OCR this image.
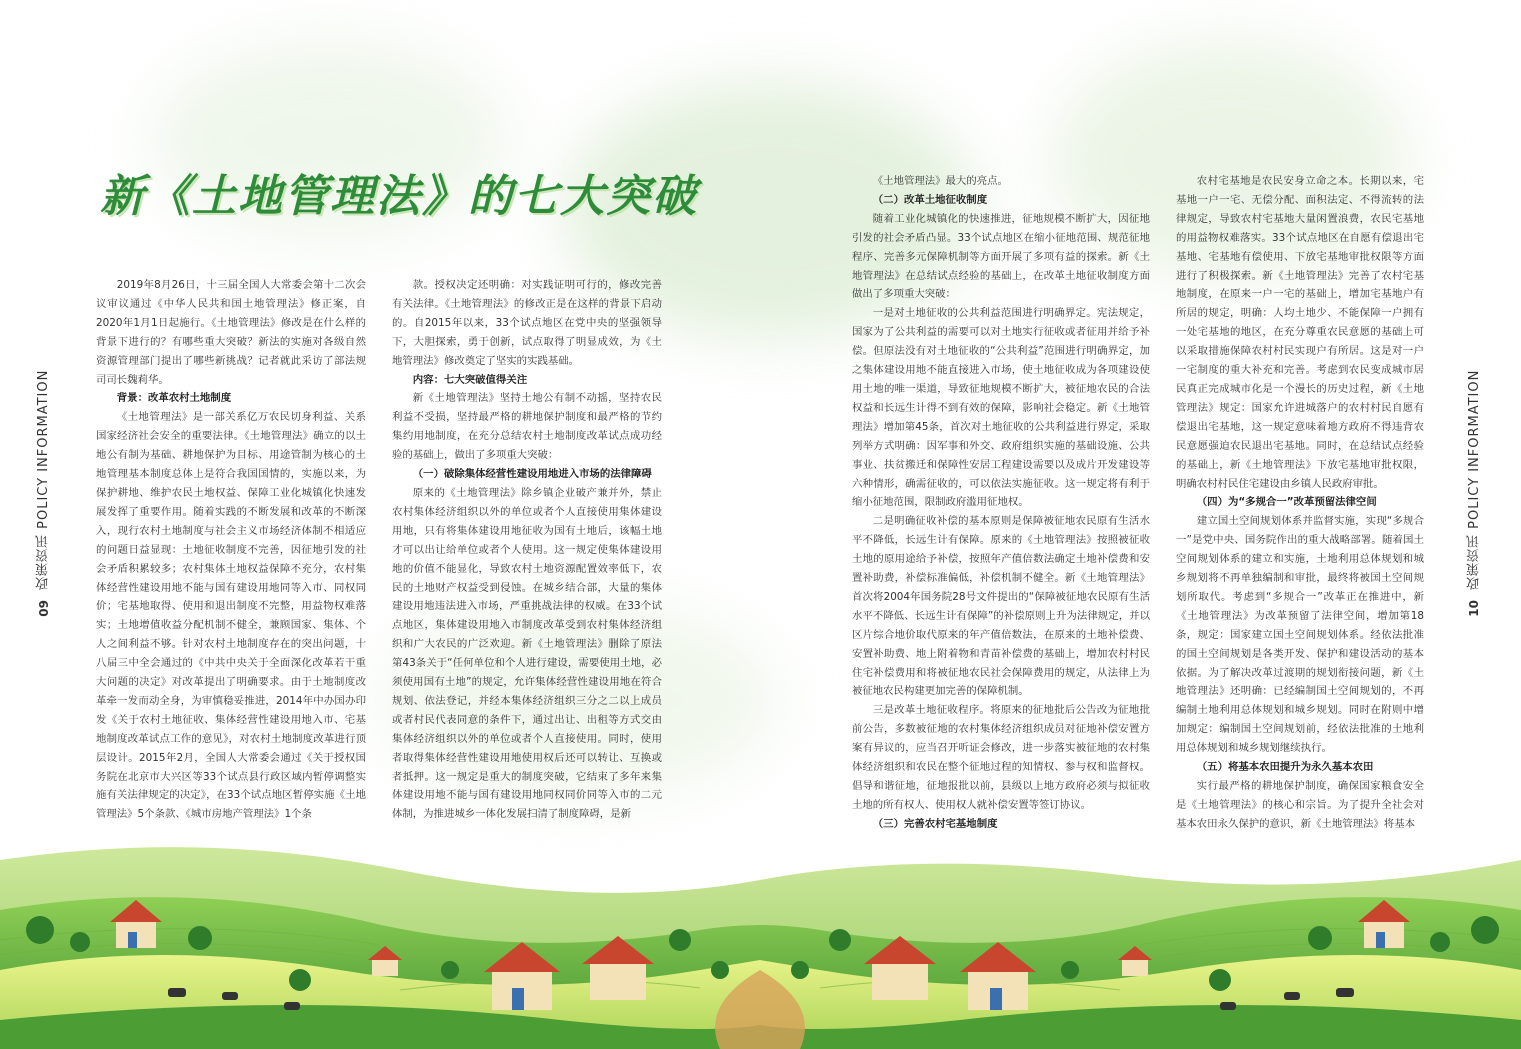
新《土地管理法》的七大突破
政策资讯 POLICY INFORMATION
09
政策资讯 POLICY INFORMATION
10

2019年8月26日，十三届全国人大常委会第十二次会议审议通过《中华人民共和国土地管理法》修正案，自2020年1月1日起施行。《土地管理法》修改是在什么样的背景下进行的？有哪些重大突破？新法的实施对各级自然资源管理部门提出了哪些新挑战？记者就此采访了部法规司司长魏莉华。

背景：改革农村土地制度

《土地管理法》是一部关系亿万农民切身利益、关系国家经济社会安全的重要法律。《土地管理法》确立的以土地公有制为基础、耕地保护为目标、用途管制为核心的土地管理基本制度总体上是符合我国国情的，实施以来，为保护耕地、维护农民土地权益、保障工业化城镇化快速发展发挥了重要作用。随着实践的不断发展和改革的不断深入，现行农村土地制度与社会主义市场经济体制不相适应的问题日益显现：土地征收制度不完善，因征地引发的社会矛盾积累较多；农村集体土地权益保障不充分，农村集体经营性建设用地不能与国有建设用地同等入市、同权同价；宅基地取得、使用和退出制度不完整，用益物权难落实；土地增值收益分配机制不健全，兼顾国家、集体、个人之间利益不够。针对农村土地制度存在的突出问题，十八届三中全会通过的《中共中央关于全面深化改革若干重大问题的决定》对改革提出了明确要求。由于土地制度改革牵一发而动全身，为审慎稳妥推进，2014年中办国办印发《关于农村土地征收、集体经营性建设用地入市、宅基地制度改革试点工作的意见》，对农村土地制度改革进行顶层设计。2015年2月，全国人大常委会通过《关于授权国务院在北京市大兴区等33个试点县行政区域内暂停调整实施有关法律规定的决定》，在33个试点地区暂停实施《土地管理法》5个条款、《城市房地产管理法》1个条

款。授权决定还明确：对实践证明可行的，修改完善有关法律。《土地管理法》的修改正是在这样的背景下启动的。自2015年以来，33个试点地区在党中央的坚强领导下，大胆探索，勇于创新，试点取得了明显成效，为《土地管理法》修改奠定了坚实的实践基础。

内容：七大突破值得关注

新《土地管理法》坚持土地公有制不动摇，坚持农民利益不受损，坚持最严格的耕地保护制度和最严格的节约集约用地制度，在充分总结农村土地制度改革试点成功经验的基础上，做出了多项重大突破：

（一）破除集体经营性建设用地进入市场的法律障碍

原来的《土地管理法》除乡镇企业破产兼并外，禁止农村集体经济组织以外的单位或者个人直接使用集体建设用地，只有将集体建设用地征收为国有土地后，该幅土地才可以出让给单位或者个人使用。这一规定使集体建设用地的价值不能显化，导致农村土地资源配置效率低下，农民的土地财产权益受到侵蚀。在城乡结合部，大量的集体建设用地违法进入市场，严重挑战法律的权威。在33个试点地区，集体建设用地入市制度改革受到农村集体经济组织和广大农民的广泛欢迎。新《土地管理法》删除了原法第43条关于“任何单位和个人进行建设，需要使用土地，必须使用国有土地”的规定，允许集体经营性建设用地在符合规划、依法登记，并经本集体经济组织三分之二以上成员或者村民代表同意的条件下，通过出让、出租等方式交由集体经济组织以外的单位或者个人直接使用。同时，使用者取得集体经营性建设用地使用权后还可以转让、互换或者抵押。这一规定是重大的制度突破，它结束了多年来集体建设用地不能与国有建设用地同权同价同等入市的二元体制，为推进城乡一体化发展扫清了制度障碍，是新

《土地管理法》最大的亮点。

（二）改革土地征收制度

随着工业化城镇化的快速推进，征地规模不断扩大，因征地引发的社会矛盾凸显。33个试点地区在缩小征地范围、规范征地程序、完善多元保障机制等方面开展了多项有益的探索。新《土地管理法》在总结试点经验的基础上，在改革土地征收制度方面做出了多项重大突破：

一是对土地征收的公共利益范围进行明确界定。宪法规定，国家为了公共利益的需要可以对土地实行征收或者征用并给予补偿。但原法没有对土地征收的“公共利益”范围进行明确界定，加之集体建设用地不能直接进入市场，使土地征收成为各项建设使用土地的唯一渠道，导致征地规模不断扩大，被征地农民的合法权益和长远生计得不到有效的保障，影响社会稳定。新《土地管理法》增加第45条，首次对土地征收的公共利益进行界定，采取列举方式明确：因军事和外交、政府组织实施的基础设施、公共事业、扶贫搬迁和保障性安居工程建设需要以及成片开发建设等六种情形，确需征收的，可以依法实施征收。这一规定将有利于缩小征地范围，限制政府滥用征地权。

二是明确征收补偿的基本原则是保障被征地农民原有生活水平不降低，长远生计有保障。原来的《土地管理法》按照被征收土地的原用途给予补偿，按照年产值倍数法确定土地补偿费和安置补助费，补偿标准偏低，补偿机制不健全。新《土地管理法》首次将2004年国务院28号文件提出的“保障被征地农民原有生活水平不降低、长远生计有保障”的补偿原则上升为法律规定，并以区片综合地价取代原来的年产值倍数法，在原来的土地补偿费、安置补助费、地上附着物和青苗补偿费的基础上，增加农村村民住宅补偿费用和将被征地农民社会保障费用的规定，从法律上为被征地农民构建更加完善的保障机制。

三是改革土地征收程序。将原来的征地批后公告改为征地批前公告，多数被征地的农村集体经济组织成员对征地补偿安置方案有异议的，应当召开听证会修改，进一步落实被征地的农村集体经济组织和农民在整个征地过程的知情权、参与权和监督权。倡导和谐征地，征地报批以前，县级以上地方政府必须与拟征收土地的所有权人、使用权人就补偿安置等签订协议。

（三）完善农村宅基地制度

农村宅基地是农民安身立命之本。长期以来，宅基地一户一宅、无偿分配、面积法定、不得流转的法律规定，导致农村宅基地大量闲置浪费，农民宅基地的用益物权难落实。33个试点地区在自愿有偿退出宅基地、宅基地有偿使用、下放宅基地审批权限等方面进行了积极探索。新《土地管理法》完善了农村宅基地制度，在原来一户一宅的基础上，增加宅基地户有所居的规定，明确：人均土地少、不能保障一户拥有一处宅基地的地区，在充分尊重农民意愿的基础上可以采取措施保障农村村民实现户有所居。这是对一户一宅制度的重大补充和完善。考虑到农民变成城市居民真正完成城市化是一个漫长的历史过程，新《土地管理法》规定：国家允许进城落户的农村村民自愿有偿退出宅基地，这一规定意味着地方政府不得违背农民意愿强迫农民退出宅基地。同时，在总结试点经验的基础上，新《土地管理法》下放宅基地审批权限，明确农村村民住宅建设由乡镇人民政府审批。

（四）为“多规合一”改革预留法律空间

建立国土空间规划体系并监督实施，实现“多规合一”是党中央、国务院作出的重大战略部署。随着国土空间规划体系的建立和实施，土地利用总体规划和城乡规划将不再单独编制和审批，最终将被国土空间规划所取代。考虑到“多规合一”改革正在推进中，新《土地管理法》为改革预留了法律空间，增加第18条，规定：国家建立国土空间规划体系。经依法批准的国土空间规划是各类开发、保护和建设活动的基本依据。为了解决改革过渡期的规划衔接问题，新《土地管理法》还明确：已经编制国土空间规划的，不再编制土地利用总体规划和城乡规划。同时在附则中增加规定：编制国土空间规划前，经依法批准的土地利用总体规划和城乡规划继续执行。

（五）将基本农田提升为永久基本农田

实行最严格的耕地保护制度，确保国家粮食安全是《土地管理法》的核心和宗旨。为了提升全社会对基本农田永久保护的意识，新《土地管理法》将基本
